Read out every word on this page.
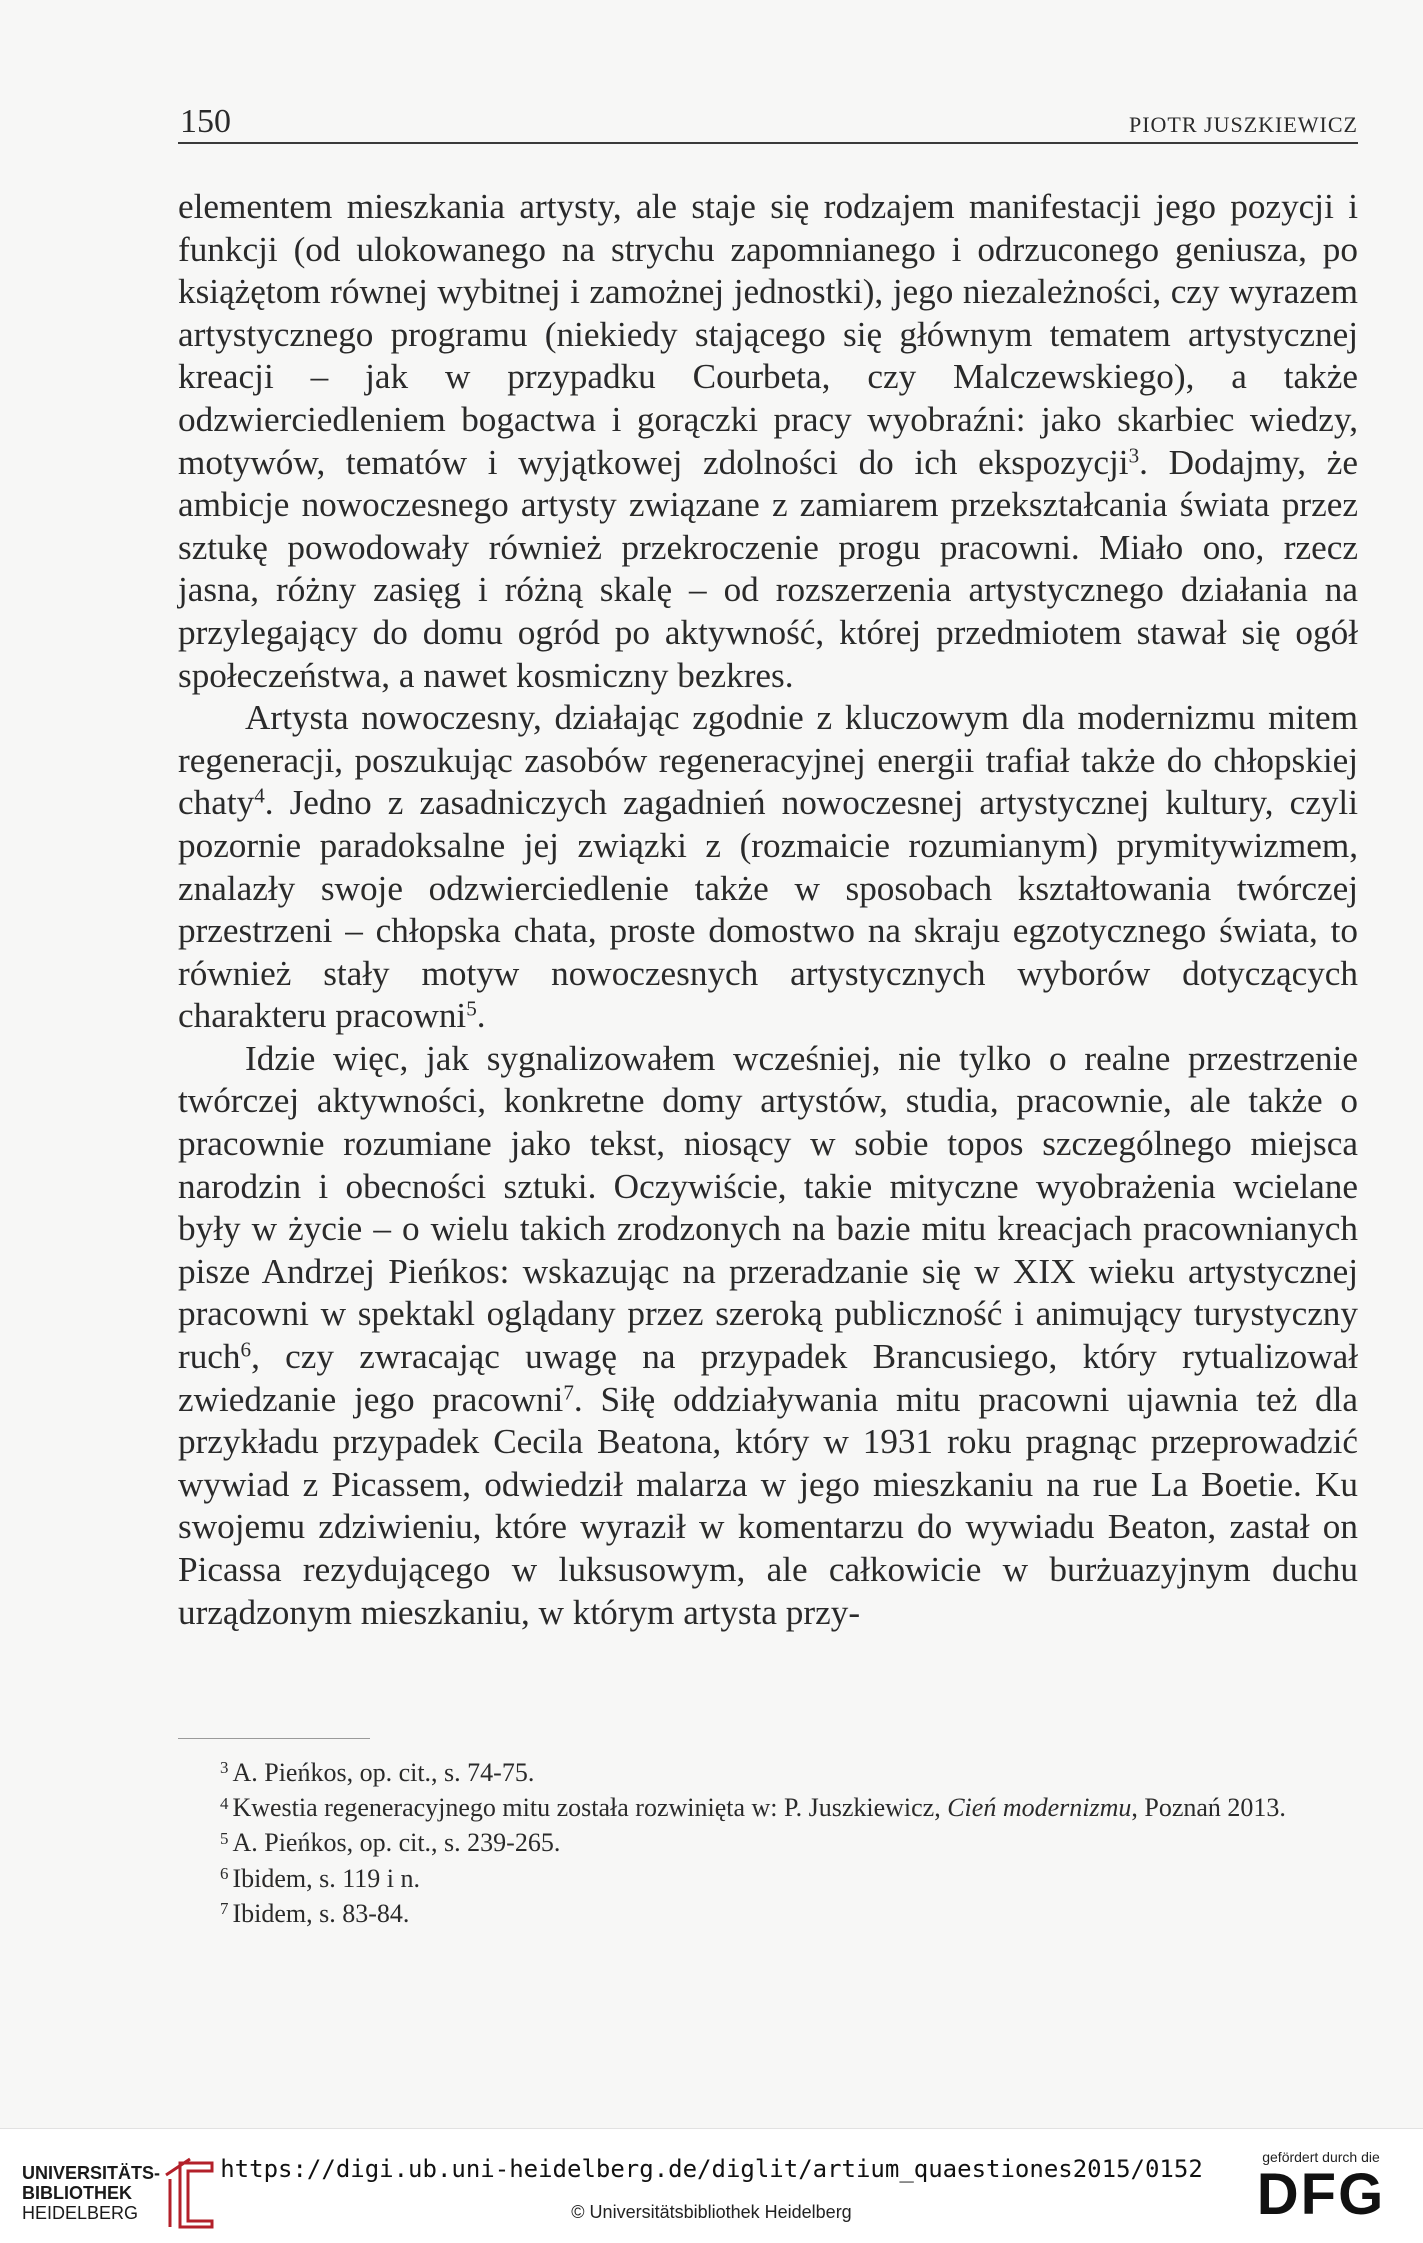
150	PIOTR JUSZKIEWICZ

elementem mieszkania artysty, ale staje się rodzajem manifestacji jego pozycji i funkcji (od ulokowanego na strychu zapomnianego i odrzuconego geniusza, po książętom równej wybitnej i zamożnej jednostki), jego niezależności, czy wyrazem artystycznego programu (niekiedy stającego się głównym tematem artystycznej kreacji – jak w przypadku Courbeta, czy Malczewskiego), a także odzwierciedleniem bogactwa i gorączki pracy wyobraźni: jako skarbiec wiedzy, motywów, tematów i wyjątkowej zdolności do ich ekspozycji$^3$. Dodajmy, że ambicje nowoczesnego artysty związane z zamiarem przekształcania świata przez sztukę powodowały również przekroczenie progu pracowni. Miało ono, rzecz jasna, różny zasięg i różną skalę – od rozszerzenia artystycznego działania na przylegający do domu ogród po aktywność, której przedmiotem stawał się ogół społeczeństwa, a nawet kosmiczny bezkres.

Artysta nowoczesny, działając zgodnie z kluczowym dla modernizmu mitem regeneracji, poszukując zasobów regeneracyjnej energii trafiał także do chłopskiej chaty$^4$. Jedno z zasadniczych zagadnień nowoczesnej artystycznej kultury, czyli pozornie paradoksalne jej związki z (rozmaicie rozumianym) prymitywizmem, znalazły swoje odzwierciedlenie także w sposobach kształtowania twórczej przestrzeni – chłopska chata, proste domostwo na skraju egzotycznego świata, to również stały motyw nowoczesnych artystycznych wyborów dotyczących charakteru pracowni$^5$.

Idzie więc, jak sygnalizowałem wcześniej, nie tylko o realne przestrzenie twórczej aktywności, konkretne domy artystów, studia, pracownie, ale także o pracownie rozumiane jako tekst, niosący w sobie topos szczególnego miejsca narodzin i obecności sztuki. Oczywiście, takie mityczne wyobrażenia wcielane były w życie – o wielu takich zrodzonych na bazie mitu kreacjach pracownianych pisze Andrzej Pieńkos: wskazując na przeradzanie się w XIX wieku artystycznej pracowni w spektakl oglądany przez szeroką publiczność i animujący turystyczny ruch$^6$, czy zwracając uwagę na przypadek Brancusiego, który rytualizował zwiedzanie jego pracowni$^7$. Siłę oddziaływania mitu pracowni ujawnia też dla przykładu przypadek Cecila Beatona, który w 1931 roku pragnąc przeprowadzić wywiad z Picassem, odwiedził malarza w jego mieszkaniu na rue La Boetie. Ku swojemu zdziwieniu, które wyraził w komentarzu do wywiadu Beaton, zastał on Picassa rezydującego w luksusowym, ale całkowicie w burżuazyjnym duchu urządzonym mieszkaniu, w którym artysta przy-

$^3$ A. Pieńkos, op. cit., s. 74-75.

$^4$ Kwestia regeneracyjnego mitu została rozwinięta w: P. Juszkiewicz, Cień modernizmu, Poznań 2013.

$^5$ A. Pieńkos, op. cit., s. 239-265.

$^6$ Ibidem, s. 119 i n.

$^7$ Ibidem, s. 83-84.

UNIVERSITÄTS-
BIBLIOTHEK
HEIDELBERG
https://digi.ub.uni-heidelberg.de/diglit/artium_quaestiones2015/0152
© Universitätsbibliothek Heidelberg
gefördert durch die
DFG
